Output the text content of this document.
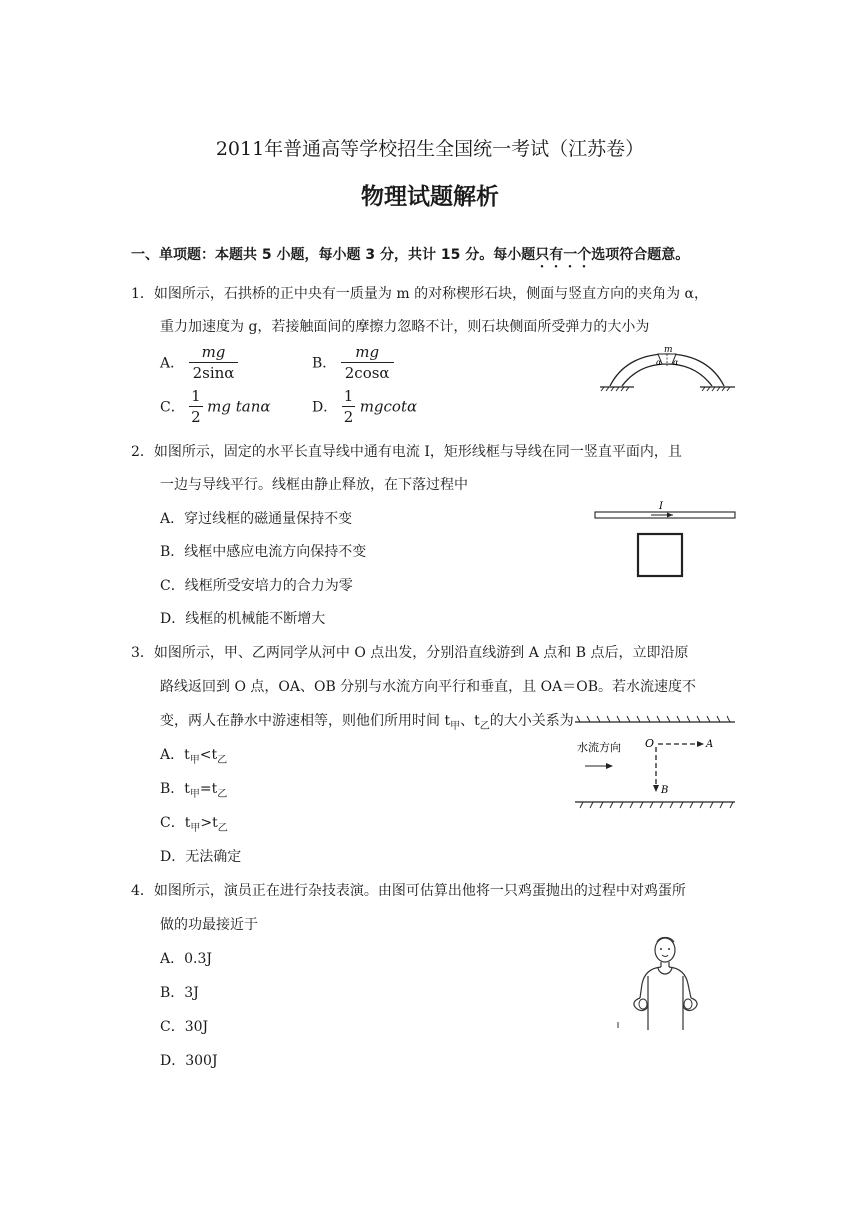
2011年普通高等学校招生全国统一考试（江苏卷）
物理试题解析
一、单项题：本题共 5 小题，每小题 3 分，共计 15 分。每小题只有一个选项符合题意。
1．如图所示，石拱桥的正中央有一质量为 m 的对称楔形石块，侧面与竖直方向的夹角为 α，
重力加速度为 g，若接触面间的摩擦力忽略不计，则石块侧面所受弹力的大小为
A． $\frac{mg}{2\sin\alpha}$	B． $\frac{mg}{2\cos\alpha}$
C． $\frac{1}{2}$ mg tanα	D． $\frac{1}{2}$ mgcotα
m
α α
2．如图所示，固定的水平长直导线中通有电流 I，矩形线框与导线在同一竖直平面内，且
一边与导线平行。线框由静止释放，在下落过程中
A．穿过线框的磁通量保持不变
B．线框中感应电流方向保持不变
C．线框所受安培力的合力为零
D．线框的机械能不断增大
I
3．如图所示，甲、乙两同学从河中 O 点出发，分别沿直线游到 A 点和 B 点后，立即沿原
路线返回到 O 点，OA、OB 分别与水流方向平行和垂直，且 OA＝OB。若水流速度不
变，两人在静水中游速相等，则他们所用时间 $t_甲$、$t_乙$的大小关系为
A．$t_甲<t_乙$
B．$t_甲=t_乙$
C．$t_甲>t_乙$
D．无法确定
水流方向 O	A
B
4．如图所示，演员正在进行杂技表演。由图可估算出他将一只鸡蛋抛出的过程中对鸡蛋所
做的功最接近于
A．0.3J
B．3J
C．30J
D．300J
